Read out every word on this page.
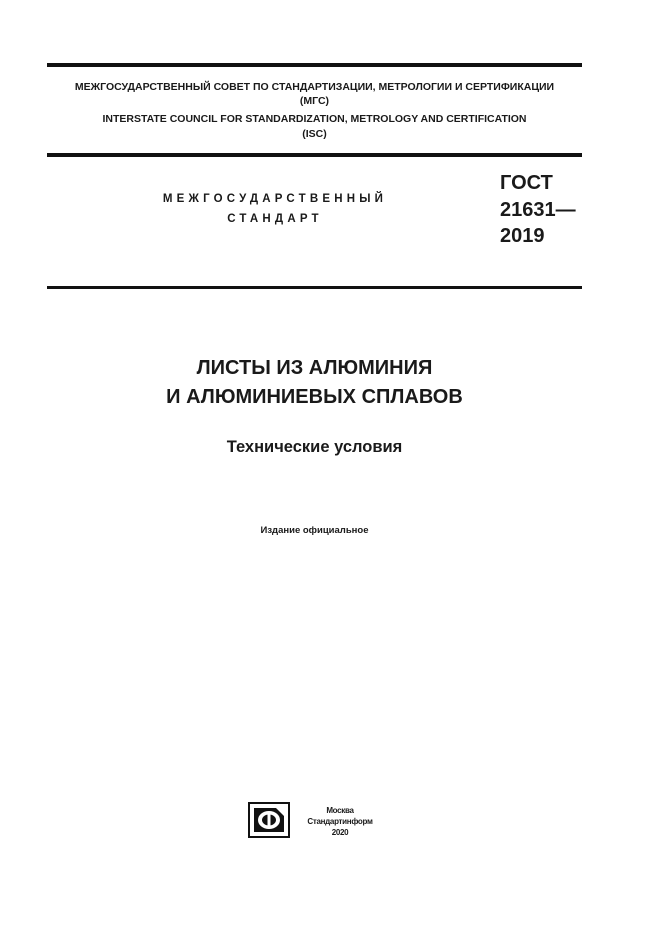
МЕЖГОСУДАРСТВЕННЫЙ СОВЕТ ПО СТАНДАРТИЗАЦИИ, МЕТРОЛОГИИ И СЕРТИФИКАЦИИ
(МГС)
INTERSTATE COUNCIL FOR STANDARDIZATION, METROLOGY AND CERTIFICATION
(ISC)
МЕЖГОСУДАРСТВЕННЫЙ
СТАНДАРТ
ГОСТ
21631—
2019
ЛИСТЫ ИЗ АЛЮМИНИЯ
И АЛЮМИНИЕВЫХ СПЛАВОВ
Технические условия
Издание официальное
Москва
Стандартинформ
2020
